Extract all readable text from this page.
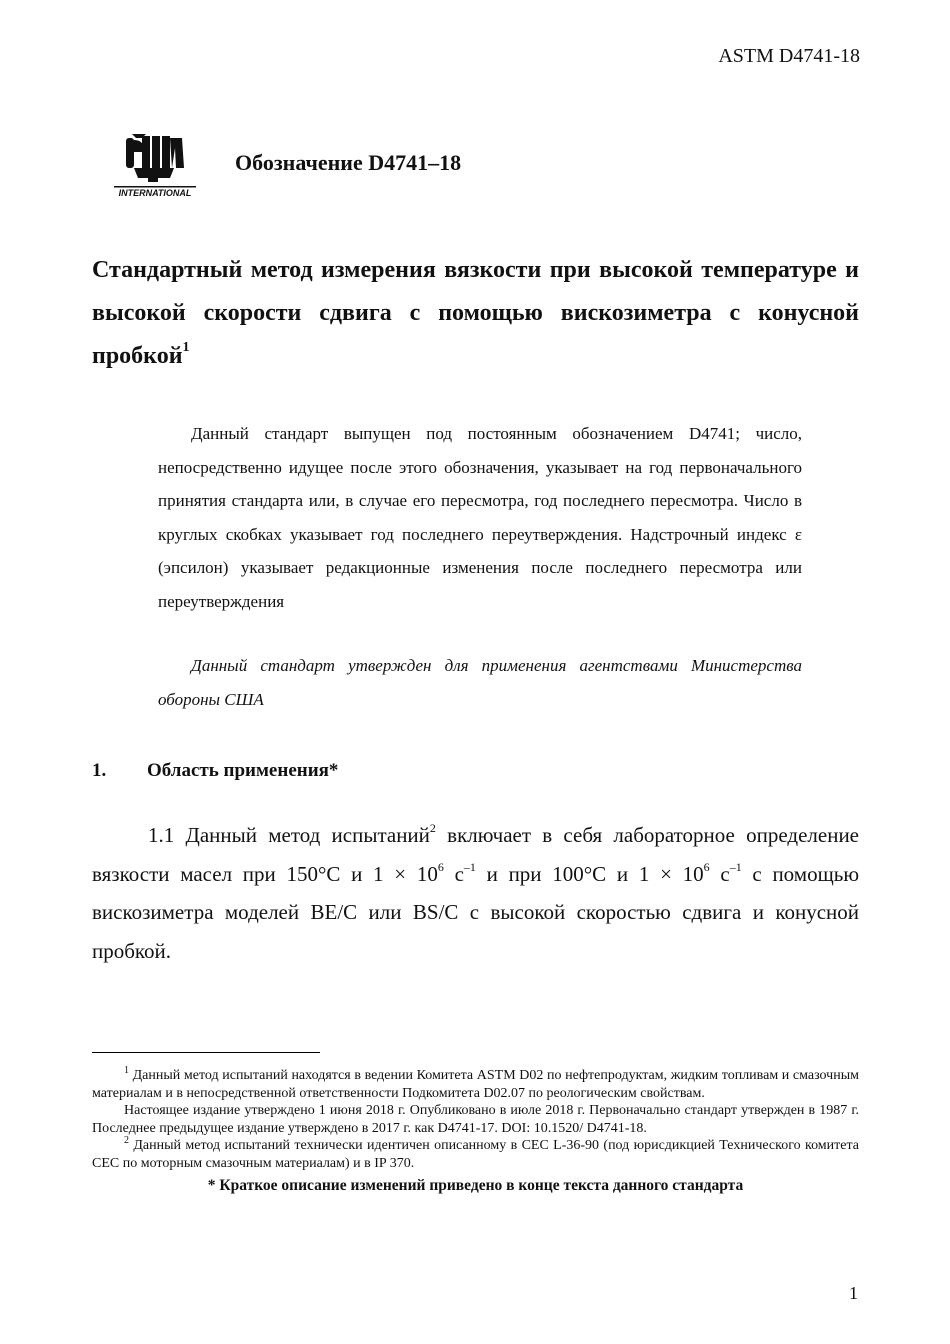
ASTM D4741-18
INTERNATIONAL
Обозначение D4741–18
Стандартный метод измерения вязкости при высокой температуре и высокой скорости сдвига с помощью вискозиметра с конусной пробкой$^1$

Данный стандарт выпущен под постоянным обозначением D4741; число, непосредственно идущее после этого обозначения, указывает на год первоначального принятия стандарта или, в случае его пересмотра, год последнего пересмотра. Число в круглых скобках указывает год последнего переутверждения. Надстрочный индекс ε (эпсилон) указывает редакционные изменения после последнего пересмотра или переутверждения

Данный стандарт утвержден для применения агентствами Министерства обороны США

1. Область применения*

1.1 Данный метод испытаний$^2$ включает в себя лабораторное определение вязкости масел при 150°C и $1 \times 10^6$ $с^{-1}$ и при 100°C и $1 \times 10^6$ $с^{-1}$ с помощью вискозиметра моделей BE/C или BS/C с высокой скоростью сдвига и конусной пробкой.

$^1$ Данный метод испытаний находятся в ведении Комитета ASTM D02 по нефтепродуктам, жидким топливам и смазочным материалам и в непосредственной ответственности Подкомитета D02.07 по реологическим свойствам.

Настоящее издание утверждено 1 июня 2018 г. Опубликовано в июле 2018 г. Первоначально стандарт утвержден в 1987 г. Последнее предыдущее издание утверждено в 2017 г. как D4741-17. DOI: 10.1520/ D4741-18.

$^2$ Данный метод испытаний технически идентичен описанному в CEC L-36-90 (под юрисдикцией Технического комитета CEC по моторным смазочным материалам) и в IP 370.

* Краткое описание изменений приведено в конце текста данного стандарта

1
